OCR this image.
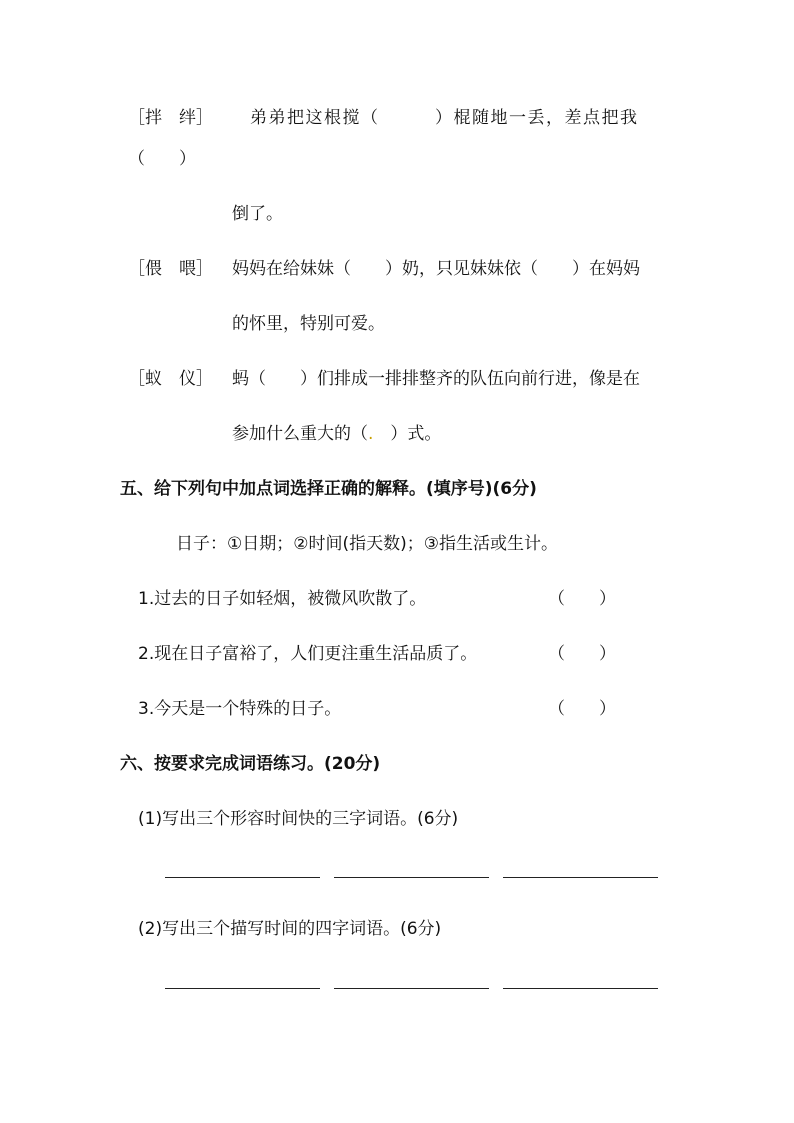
［拌　绊］ 弟弟把这根搅（　　　）棍随地一丢，差点把我
（　　）
倒了。
［偎　喂］ 妈妈在给妹妹（　　）奶，只见妹妹依（　　）在妈妈
的怀里，特别可爱。
［蚁　仪］ 蚂（　　）们排成一排排整齐的队伍向前行进，像是在
参加什么重大的（.　）式。
五、给下列句中加点词选择正确的解释。(填序号)(6分)
日子：①日期；②时间(指天数)；③指生活或生计。
1.过去的日子如轻烟，被微风吹散了。	（　　）
2.现在日子富裕了，人们更注重生活品质了。	（　　）
3.今天是一个特殊的日子。	（　　）
六、按要求完成词语练习。(20分)
(1)写出三个形容时间快的三字词语。(6分)
(2)写出三个描写时间的四字词语。(6分)
